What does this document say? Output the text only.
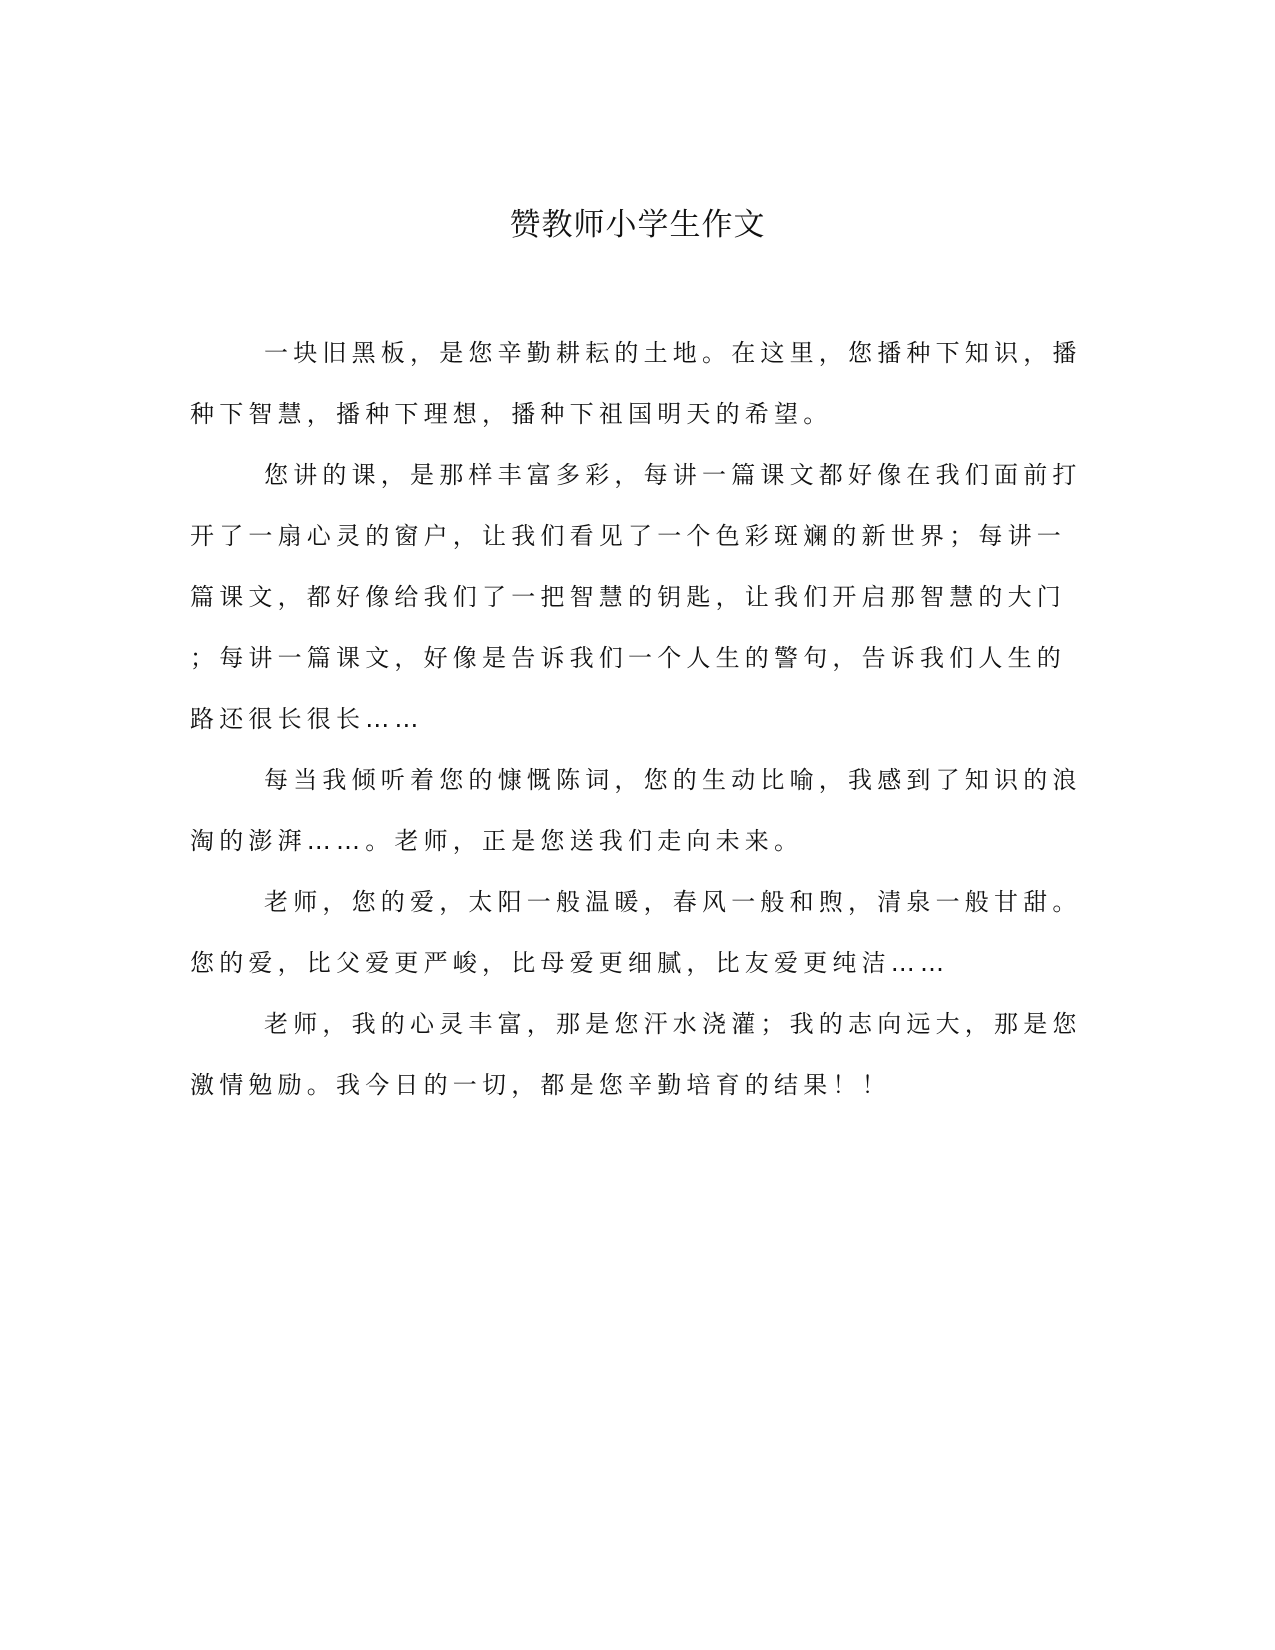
赞教师小学生作文

一块旧黑板，是您辛勤耕耘的土地。在这里，您播种下知识，播
种下智慧，播种下理想，播种下祖国明天的希望。

您讲的课，是那样丰富多彩，每讲一篇课文都好像在我们面前打
开了一扇心灵的窗户，让我们看见了一个色彩斑斓的新世界；每讲一
篇课文，都好像给我们了一把智慧的钥匙，让我们开启那智慧的大门
；每讲一篇课文，好像是告诉我们一个人生的警句，告诉我们人生的
路还很长很长……

每当我倾听着您的慷慨陈词，您的生动比喻，我感到了知识的浪
淘的澎湃……。老师，正是您送我们走向未来。

老师，您的爱，太阳一般温暖，春风一般和煦，清泉一般甘甜。
您的爱，比父爱更严峻，比母爱更细腻，比友爱更纯洁……

老师，我的心灵丰富，那是您汗水浇灌；我的志向远大，那是您
激情勉励。我今日的一切，都是您辛勤培育的结果！！
